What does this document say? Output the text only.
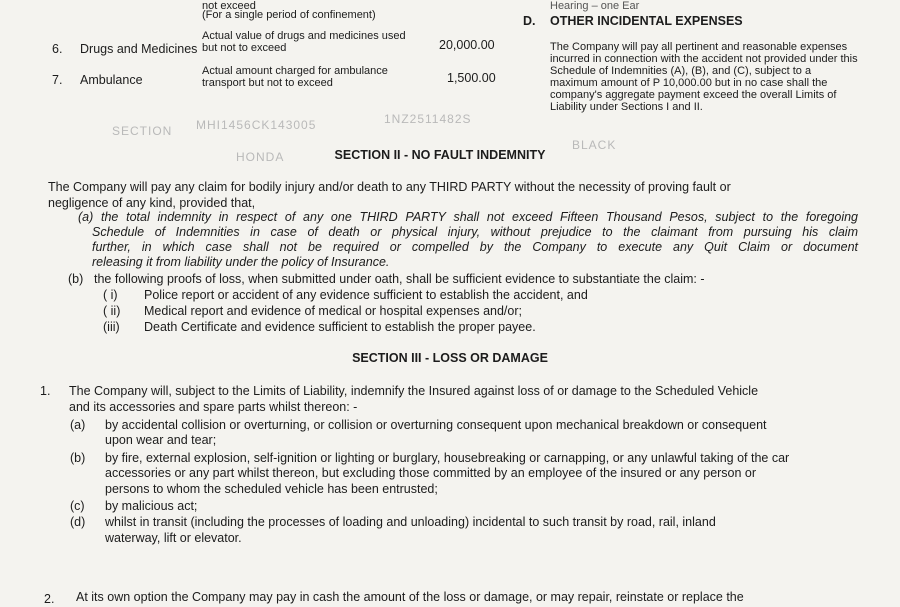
MHI1456CK143005	1NZ2511482S
HONDA
BLACK
SECTION
not exceed
(For a single period of confinement)
6. Drugs and Medicines
Actual value of drugs and medicines used
but not to exceed	20,000.00
7. Ambulance
Actual amount charged for ambulance
transport but not to exceed	1,500.00
Hearing – one Ear
D. OTHER INCIDENTAL EXPENSES
The Company will pay all pertinent and reasonable expenses
incurred in connection with the accident not provided under this
Schedule of Indemnities (A), (B), and (C), subject to a
maximum amount of P 10,000.00 but in no case shall the
company's aggregate payment exceed the overall Limits of
Liability under Sections I and II.
SECTION II - NO FAULT INDEMNITY
The Company will pay any claim for bodily injury and/or death to any THIRD PARTY without the necessity of proving fault or
negligence of any kind, provided that,
(a) the total indemnity in respect of any one THIRD PARTY shall not exceed Fifteen Thousand Pesos, subject to the foregoing
Schedule of Indemnities in case of death or physical injury, without prejudice to the claimant from pursuing his claim
further, in which case shall not be required or compelled by the Company to execute any Quit Claim or document
releasing it from liability under the policy of Insurance.
(b) the following proofs of loss, when submitted under oath, shall be sufficient evidence to substantiate the claim: -
( i) Police report or accident of any evidence sufficient to establish the accident, and
( ii) Medical report and evidence of medical or hospital expenses and/or;
(iii) Death Certificate and evidence sufficient to establish the proper payee.
SECTION III - LOSS OR DAMAGE
1. The Company will, subject to the Limits of Liability, indemnify the Insured against loss of or damage to the Scheduled Vehicle
and its accessories and spare parts whilst thereon: -
(a) by accidental collision or overturning, or collision or overturning consequent upon mechanical breakdown or consequent
upon wear and tear;
(b) by fire, external explosion, self-ignition or lighting or burglary, housebreaking or carnapping, or any unlawful taking of the car
accessories or any part whilst thereon, but excluding those committed by an employee of the insured or any person or
persons to whom the scheduled vehicle has been entrusted;
(c) by malicious act;
(d) whilst in transit (including the processes of loading and unloading) incidental to such transit by road, rail, inland
waterway, lift or elevator.
2. At its own option the Company may pay in cash the amount of the loss or damage, or may repair, reinstate or replace the
